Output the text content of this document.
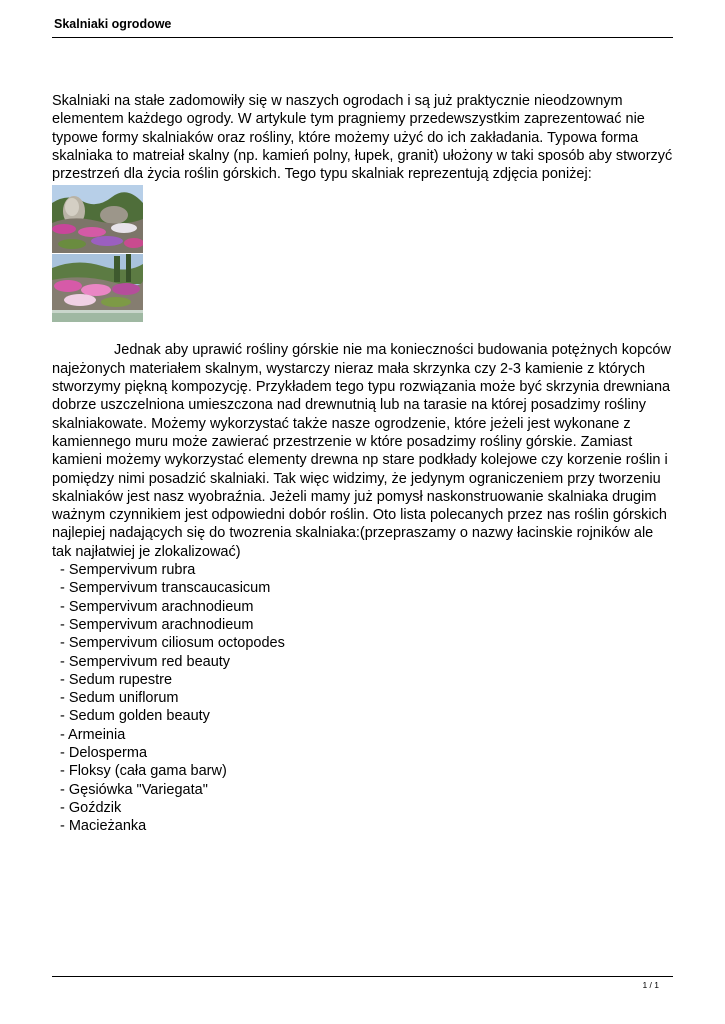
Skalniaki ogrodowe

Skalniaki na stałe zadomowiły się w naszych ogrodach i są już praktycznie nieodzownym elementem każdego ogrody. W artykule tym pragniemy przedewszystkim zaprezentować nie typowe formy skalniaków oraz rośliny, które możemy użyć do ich zakładania. Typowa forma skalniaka to matreiał skalny (np. kamień polny, łupek, granit) ułożony w taki sposób aby stworzyć przestrzeń dla życia roślin górskich. Tego typu skalniak reprezentują zdjęcia poniżej:

Jednak aby uprawić rośliny górskie nie ma konieczności budowania potężnych kopców najeżonych materiałem skalnym, wystarczy nieraz mała skrzynka czy 2-3 kamienie z których stworzymy piękną kompozycję. Przykładem tego typu rozwiązania może być skrzynia drewniana dobrze uszczelniona umieszczona nad drewnutnią lub na tarasie na której posadzimy rośliny skalniakowate. Możemy wykorzystać także nasze ogrodzenie, które jeżeli jest wykonane z kamiennego muru może zawierać przestrzenie w które posadzimy rośliny górskie. Zamiast kamieni możemy wykorzystać elementy drewna np stare podkłady kolejowe czy korzenie roślin i pomiędzy nimi posadzić skalniaki. Tak więc widzimy, że jedynym ograniczeniem przy tworzeniu skalniaków jest nasz wyobraźnia. Jeżeli mamy już pomysł naskonstruowanie skalniaka drugim ważnym czynnikiem jest odpowiedni dobór roślin. Oto lista polecanych przez nas roślin górskich najlepiej nadających się do twozrenia skalniaka:(przepraszamy o nazwy łacinskie rojników ale tak najłatwiej je zlokalizować)

- Sempervivum rubra
- Sempervivum transcaucasicum
- Sempervivum arachnodieum
- Sempervivum arachnodieum
- Sempervivum ciliosum octopodes
- Sempervivum red beauty
- Sedum rupestre
- Sedum uniflorum
- Sedum golden beauty
- Armeinia
- Delosperma
- Floksy (cała gama barw)
- Gęsiówka "Variegata"
- Goździk
- Macieżanka
1 / 1
